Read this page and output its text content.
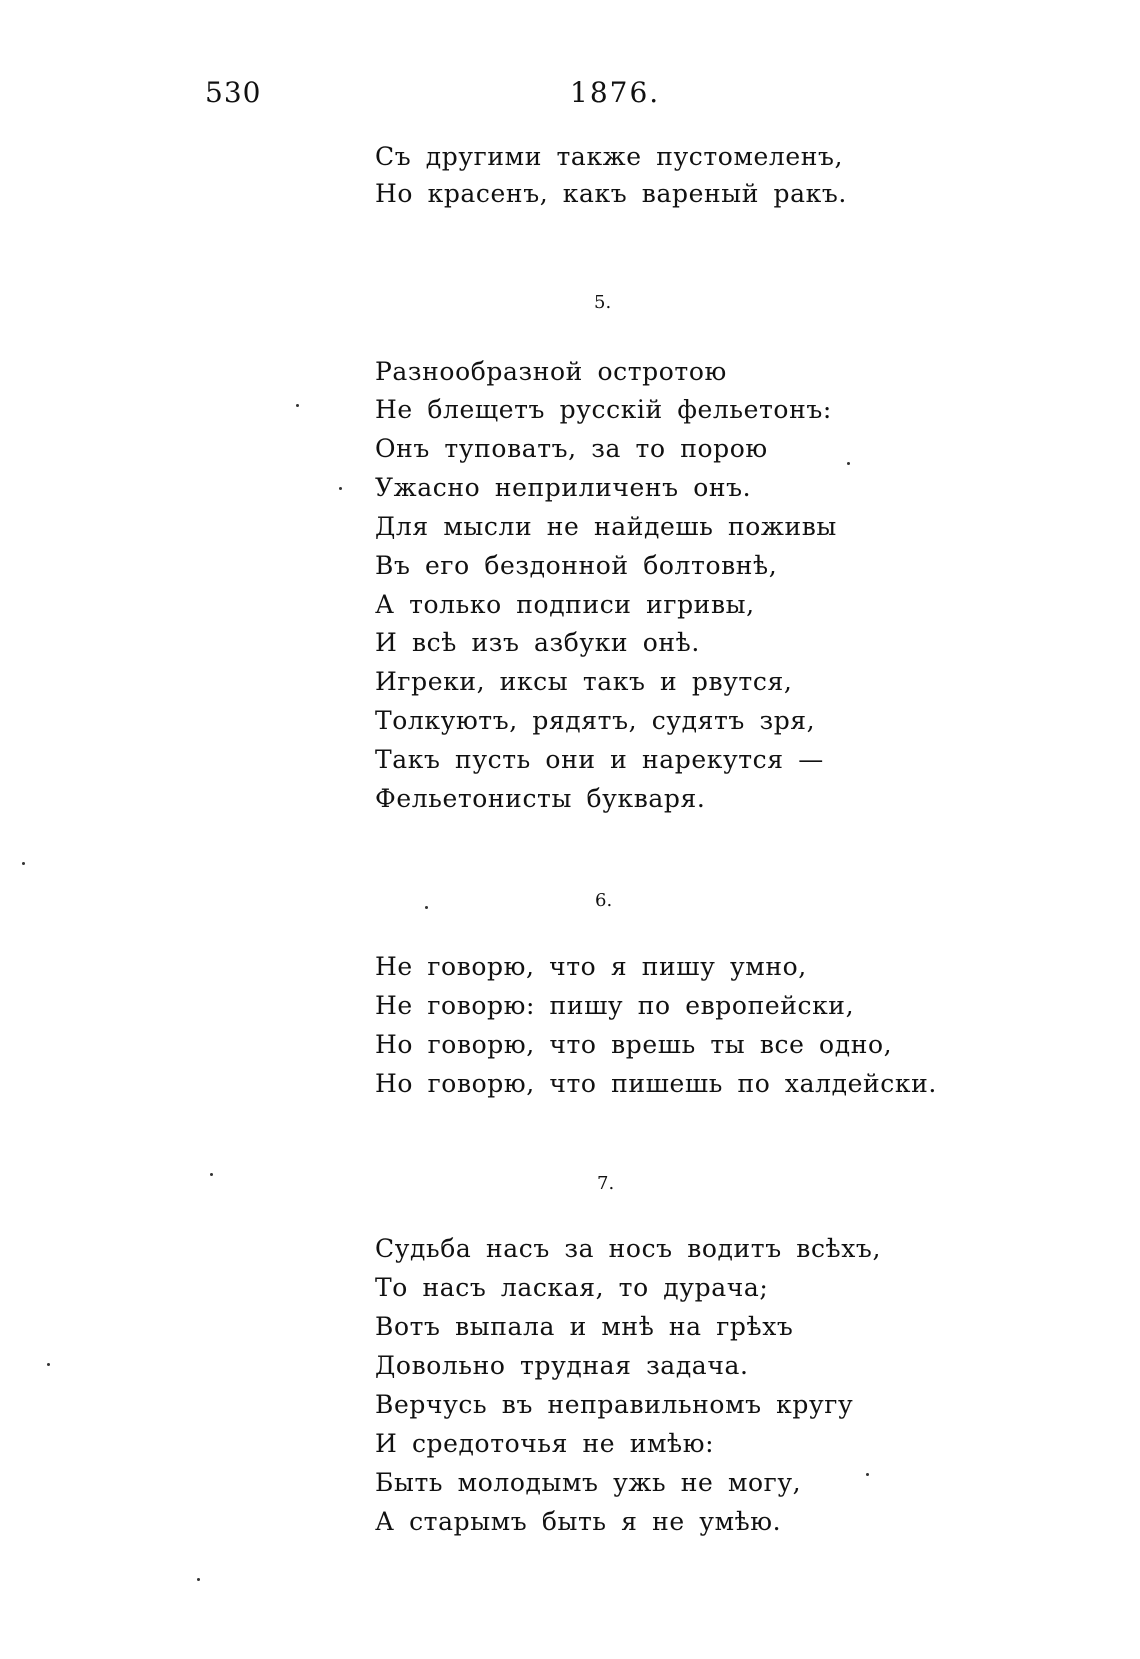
530	1876.

Съ другими также пустомеленъ,

Но красенъ, какъ вареный ракъ.

5.

Разнообразной остротою

Не блещетъ русскій фельетонъ:

Онъ туповатъ, за то порою

Ужасно неприличенъ онъ.

Для мысли не найдешь поживы

Въ его бездонной болтовнѣ,

А только подписи игривы,

И всѣ изъ азбуки онѣ.

Игреки, иксы такъ и рвутся,

Толкуютъ, рядятъ, судятъ зря,

Такъ пусть они и нарекутся —

Фельетонисты букваря.

6.

Не говорю, что я пишу умно,

Не говорю: пишу по европейски,

Но говорю, что врешь ты все одно,

Но говорю, что пишешь по халдейски.

7.

Судьба насъ за носъ водитъ всѣхъ,

То насъ лаская, то дурача;

Вотъ выпала и мнѣ на грѣхъ

Довольно трудная задача.

Верчусь въ неправильномъ кругу

И средоточья не имѣю:

Быть молодымъ ужь не могу,

А старымъ быть я не умѣю.
